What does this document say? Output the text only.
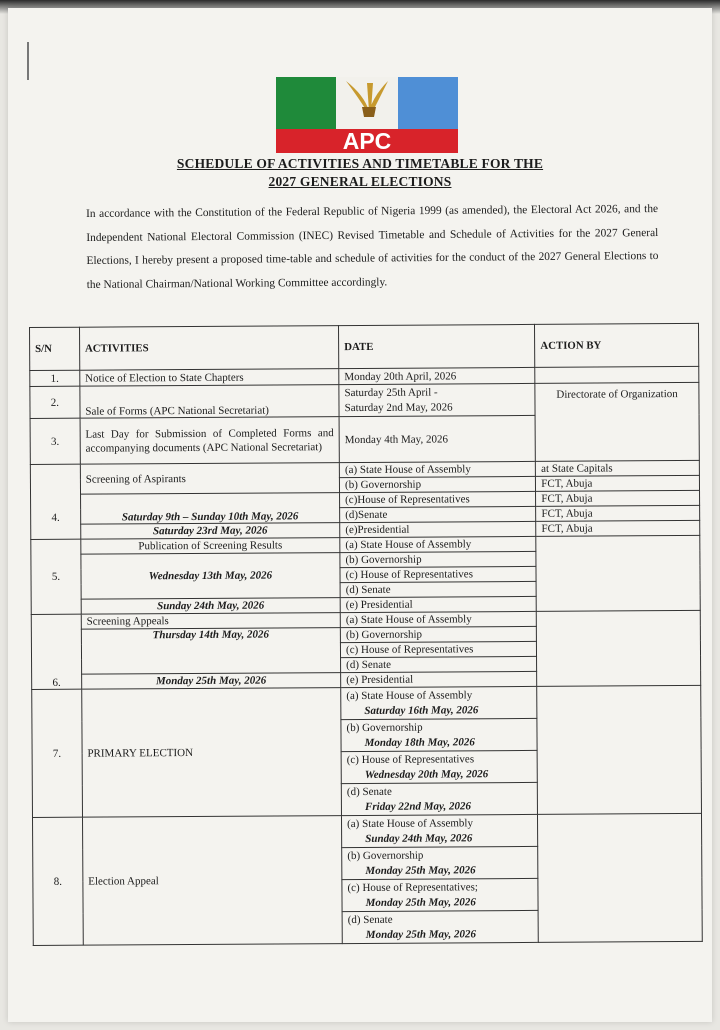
APC
SCHEDULE OF ACTIVITIES AND TIMETABLE FOR THE
2027 GENERAL ELECTIONS
In accordance with the Constitution of the Federal Republic of Nigeria 1999 (as amended), the Electoral Act 2026, and the Independent National Electoral Commission (INEC) Revised Timetable and Schedule of Activities for the 2027 General Elections, I hereby present a proposed time-table and schedule of activities for the conduct of the 2027 General Elections to the National Chairman/National Working Committee accordingly.
S/N	ACTIVITIES	DATE	ACTION BY
1.	Notice of Election to State Chapters	Monday 20th April, 2026	
2.	Sale of Forms (APC National Secretariat)	Saturday 25th April -
Saturday 2nd May, 2026	Directorate of Organization
3.	Last Day for Submission of Completed Forms and accompanying documents (APC National Secretariat)	Monday 4th May, 2026	
4.	Screening of Aspirants	(a) State House of Assembly	at State Capitals
		(b) Governorship	FCT, Abuja
	Saturday 9th – Sunday 10th May, 2026	(c)House of Representatives	FCT, Abuja
		(d)Senate	FCT, Abuja
	Saturday 23rd May, 2026	(e)Presidential	FCT, Abuja
5.	Publication of Screening Results	(a) State House of Assembly	
	Wednesday 13th May, 2026	(b) Governorship	
		(c) House of Representatives	
		(d) Senate	
	Sunday 24th May, 2026	(e) Presidential	
6.	Screening Appeals	(a) State House of Assembly	
	Thursday 14th May, 2026	(b) Governorship	
		(c) House of Representatives	
		(d) Senate	
	Monday 25th May, 2026	(e) Presidential	
7.	PRIMARY ELECTION	(a) State House of Assembly
Saturday 16th May, 2026	

		(b) Governorship
Monday 18th May, 2026	

		(c) House of Representatives
Wednesday 20th May, 2026	

		(d) Senate
Friday 22nd May, 2026	

8.	Election Appeal	(a) State House of Assembly
Sunday 24th May, 2026	

		(b) Governorship
Monday 25th May, 2026	

		(c) House of Representatives;
Monday 25th May, 2026	

		(d) Senate
Monday 25th May, 2026	
